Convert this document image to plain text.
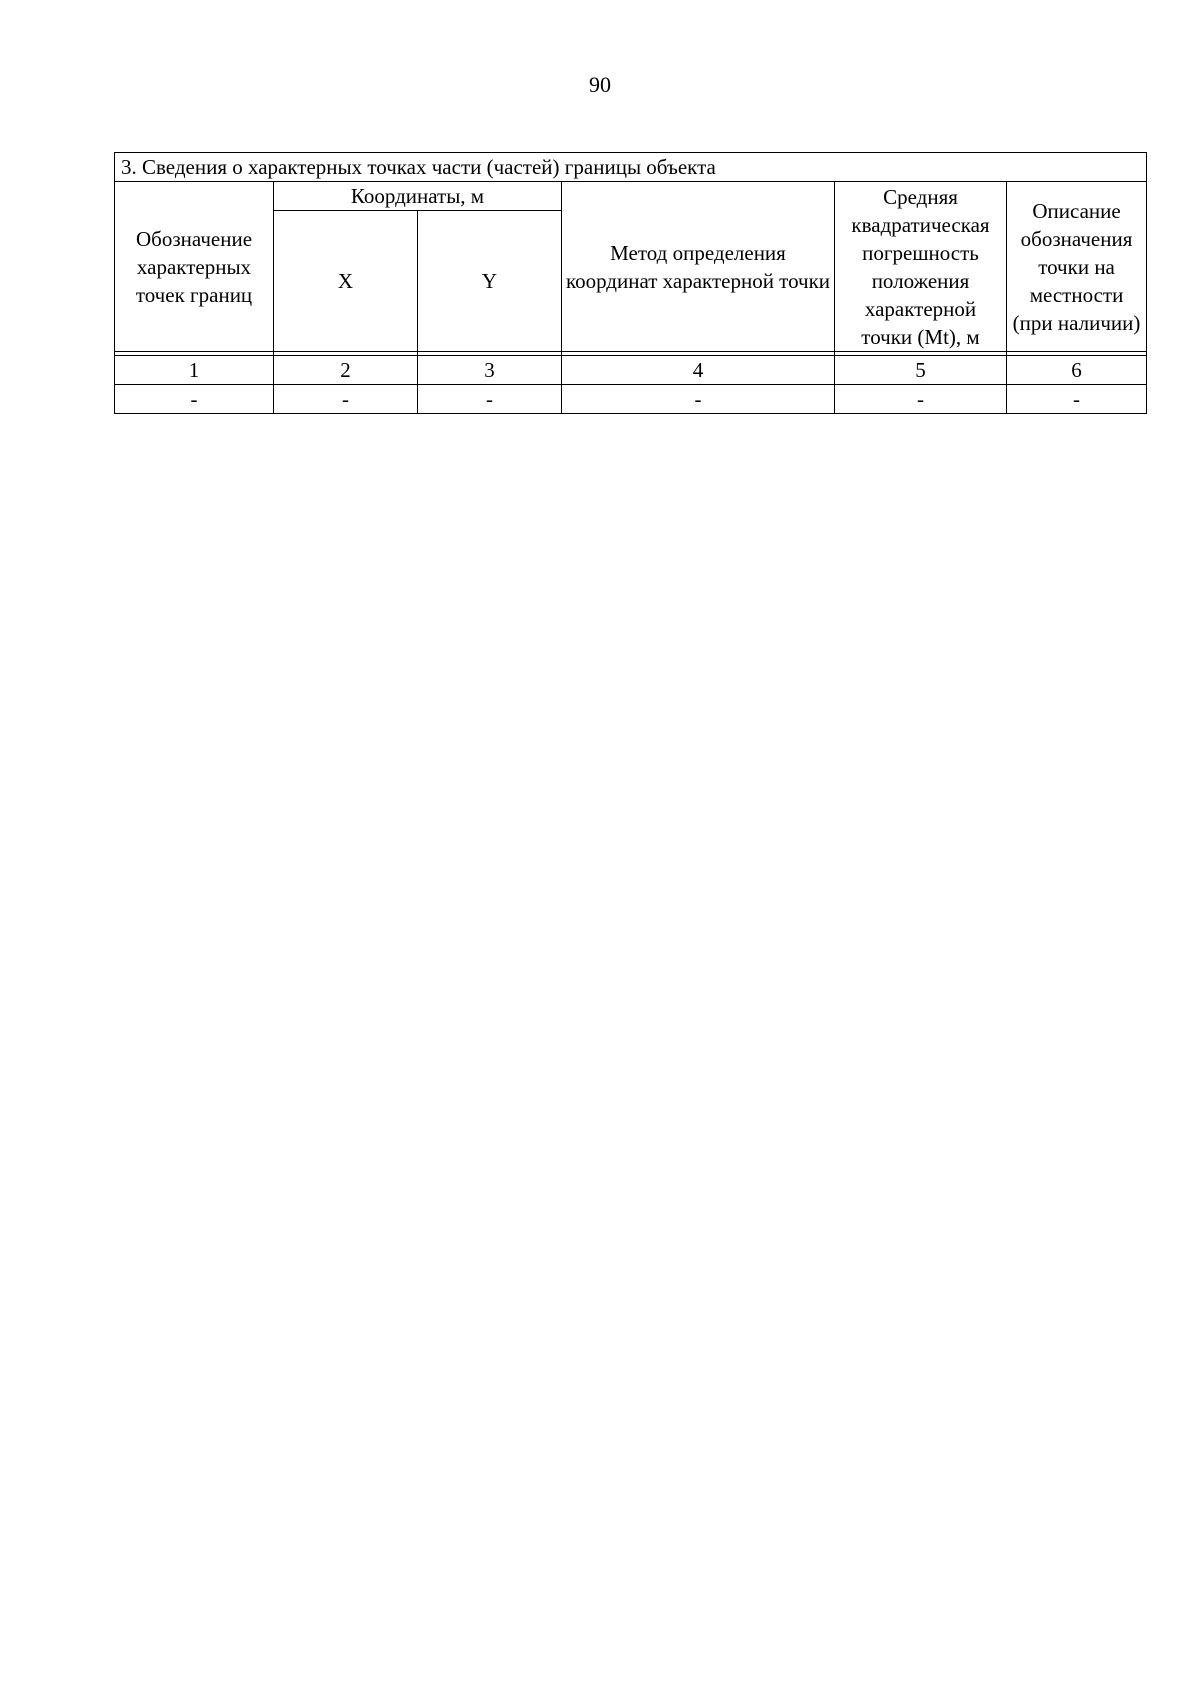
90
3. Сведения о характерных точках части (частей) границы объекта					
Обозначение характерных точек границ	Координаты, м		Метод определения координат характерной точки	Средняя квадратическая погрешность положения характерной точки (Mt), м	Описание обозначения точки на местности (при наличии)
	X	Y			

1	2	3	4	5	6
-	-	-	-	-	-
